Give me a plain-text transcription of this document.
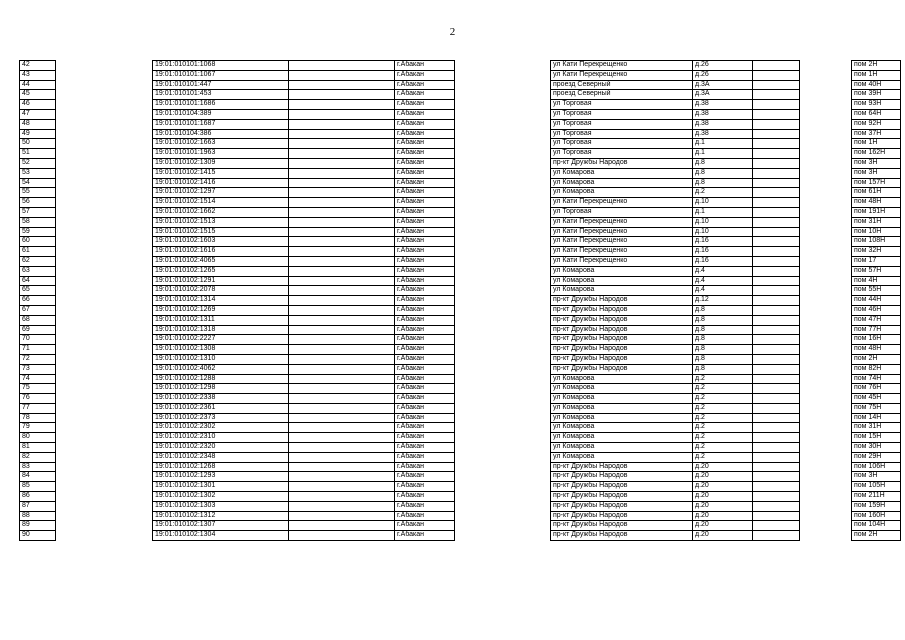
2
42		19:01:010101:1068		г.Абакан		ул Кати Перекрещенко	д.26			пом 2Н
43		19:01:010101:1067		г.Абакан		ул Кати Перекрещенко	д.26			пом 1Н
44		19:01:010101:447		г.Абакан		проезд Северный	д.3А			пом 40Н
45		19:01:010101:453		г.Абакан		проезд Северный	д.3А			пом 39Н
46		19:01:010101:1686		г.Абакан		ул Торговая	д.38			пом 93Н
47		19:01:010104:389		г.Абакан		ул Торговая	д.38			пом 64Н
48		19:01:010101:1687		г.Абакан		ул Торговая	д.38			пом 92Н
49		19:01:010104:386		г.Абакан		ул Торговая	д.38			пом 37Н
50		19:01:010102:1663		г.Абакан		ул Торговая	д.1			пом 1Н
51		19:01:010101:1963		г.Абакан		ул Торговая	д.1			пом 162Н
52		19:01:010102:1309		г.Абакан		пр-кт Дружбы Народов	д.8			пом 3Н
53		19:01:010102:1415		г.Абакан		ул Комарова	д.8			пом 3Н
54		19:01:010102:1416		г.Абакан		ул Комарова	д.8			пом 157Н
55		19:01:010102:1297		г.Абакан		ул Комарова	д.2			пом 61Н
56		19:01:010102:1514		г.Абакан		ул Кати Перекрещенко	д.10			пом 48Н
57		19:01:010102:1662		г.Абакан		ул Торговая	д.1			пом 191Н
58		19:01:010102:1513		г.Абакан		ул Кати Перекрещенко	д.10			пом 31Н
59		19:01:010102:1515		г.Абакан		ул Кати Перекрещенко	д.10			пом 10Н
60		19:01:010102:1603		г.Абакан		ул Кати Перекрещенко	д.16			пом 108Н
61		19:01:010102:1616		г.Абакан		ул Кати Перекрещенко	д.16			пом 32Н
62		19:01:010102:4065		г.Абакан		ул Кати Перекрещенко	д.16			пом 17
63		19:01:010102:1265		г.Абакан		ул Комарова	д.4			пом 57Н
64		19:01:010102:1291		г.Абакан		ул Комарова	д.4			пом 4Н
65		19:01:010102:2078		г.Абакан		ул Комарова	д.4			пом 55Н
66		19:01:010102:1314		г.Абакан		пр-кт Дружбы Народов	д.12			пом 44Н
67		19:01:010102:1269		г.Абакан		пр-кт Дружбы Народов	д.8			пом 46Н
68		19:01:010102:1311		г.Абакан		пр-кт Дружбы Народов	д.8			пом 47Н
69		19:01:010102:1318		г.Абакан		пр-кт Дружбы Народов	д.8			пом 77Н
70		19:01:010102:2227		г.Абакан		пр-кт Дружбы Народов	д.8			пом 16Н
71		19:01:010102:1308		г.Абакан		пр-кт Дружбы Народов	д.8			пом 48Н
72		19:01:010102:1310		г.Абакан		пр-кт Дружбы Народов	д.8			пом 2Н
73		19:01:010102:4062		г.Абакан		пр-кт Дружбы Народов	д.8			пом 82Н
74		19:01:010102:1288		г.Абакан		ул Комарова	д.2			пом 74Н
75		19:01:010102:1298		г.Абакан		ул Комарова	д.2			пом 76Н
76		19:01:010102:2338		г.Абакан		ул Комарова	д.2			пом 45Н
77		19:01:010102:2361		г.Абакан		ул Комарова	д.2			пом 75Н
78		19:01:010102:2373		г.Абакан		ул Комарова	д.2			пом 14Н
79		19:01:010102:2302		г.Абакан		ул Комарова	д.2			пом 31Н
80		19:01:010102:2310		г.Абакан		ул Комарова	д.2			пом 15Н
81		19:01:010102:2320		г.Абакан		ул Комарова	д.2			пом 30Н
82		19:01:010102:2348		г.Абакан		ул Комарова	д.2			пом 29Н
83		19:01:010102:1268		г.Абакан		пр-кт Дружбы Народов	д.20			пом 106Н
84		19:01:010102:1293		г.Абакан		пр-кт Дружбы Народов	д.20			пом 3Н
85		19:01:010102:1301		г.Абакан		пр-кт Дружбы Народов	д.20			пом 105Н
86		19:01:010102:1302		г.Абакан		пр-кт Дружбы Народов	д.20			пом 211Н
87		19:01:010102:1303		г.Абакан		пр-кт Дружбы Народов	д.20			пом 159Н
88		19:01:010102:1312		г.Абакан		пр-кт Дружбы Народов	д.20			пом 160Н
89		19:01:010102:1307		г.Абакан		пр-кт Дружбы Народов	д.20			пом 104Н
90		19:01:010102:1304		г.Абакан		пр-кт Дружбы Народов	д.20			пом 2Н
